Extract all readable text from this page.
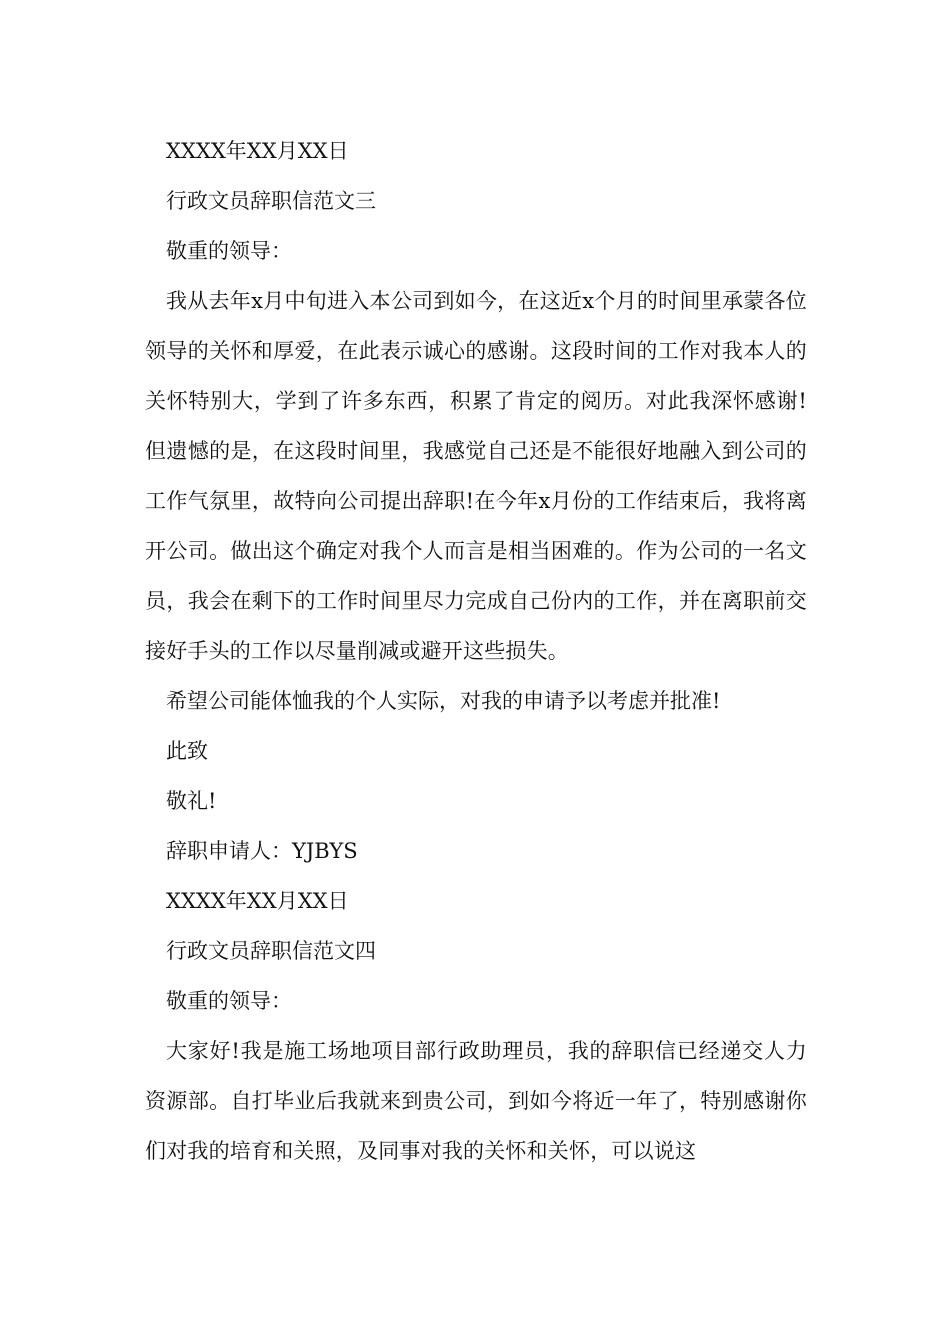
XXXX年XX月XX日
行政文员辞职信范文三
敬重的领导：
我从去年x月中旬进入本公司到如今，在这近x个月的时间里承蒙各位领导的关怀和厚爱，在此表示诚心的感谢。这段时间的工作对我本人的关怀特别大，学到了许多东西，积累了肯定的阅历。对此我深怀感谢!但遗憾的是，在这段时间里，我感觉自己还是不能很好地融入到公司的工作气氛里，故特向公司提出辞职!在今年x月份的工作结束后，我将离开公司。做出这个确定对我个人而言是相当困难的。作为公司的一名文员，我会在剩下的工作时间里尽力完成自己份内的工作，并在离职前交接好手头的工作以尽量削减或避开这些损失。
希望公司能体恤我的个人实际，对我的申请予以考虑并批准!
此致
敬礼!
辞职申请人：YJBYS
XXXX年XX月XX日
行政文员辞职信范文四
敬重的领导：
大家好!我是施工场地项目部行政助理员，我的辞职信已经递交人力资源部。自打毕业后我就来到贵公司，到如今将近一年了，特别感谢你们对我的培育和关照，及同事对我的关怀和关怀，可以说这
